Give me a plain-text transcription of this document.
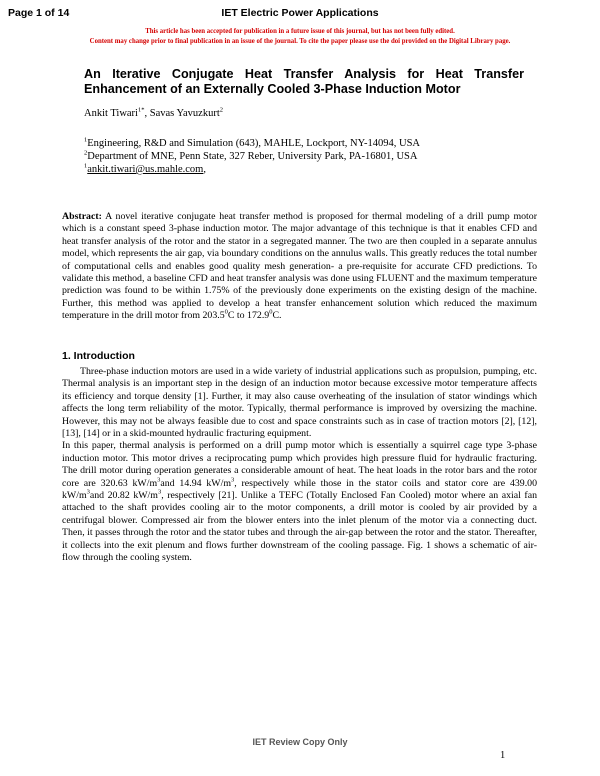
Page 1 of 14	IET Electric Power Applications
This article has been accepted for publication in a future issue of this journal, but has not been fully edited.
Content may change prior to final publication in an issue of the journal. To cite the paper please use the doi provided on the Digital Library page.
An Iterative Conjugate Heat Transfer Analysis for Heat Transfer Enhancement of an Externally Cooled 3-Phase Induction Motor
Ankit Tiwari$^{1*}$, Savas Yavuzkurt$^2$
$^1$Engineering, R&D and Simulation (643), MAHLE, Lockport, NY-14094, USA
$^2$Department of MNE, Penn State, 327 Reber, University Park, PA-16801, USA
$^1$ankit.tiwari@us.mahle.com,
Abstract: A novel iterative conjugate heat transfer method is proposed for thermal modeling of a drill pump motor which is a constant speed 3-phase induction motor. The major advantage of this technique is that it enables CFD and heat transfer analysis of the rotor and the stator in a segregated manner. The two are then coupled in a separate annulus model, which represents the air gap, via boundary conditions on the annulus walls. This greatly reduces the total number of computational cells and enables good quality mesh generation- a pre-requisite for accurate CFD predictions. To validate this method, a baseline CFD and heat transfer analysis was done using FLUENT and the maximum temperature prediction was found to be within 1.75% of the previously done experiments on the existing design of the machine. Further, this method was applied to develop a heat transfer enhancement solution which reduced the maximum temperature in the drill motor from 203.5$^0$C to 172.9$^0$C.
1. Introduction

Three-phase induction motors are used in a wide variety of industrial applications such as propulsion, pumping, etc. Thermal analysis is an important step in the design of an induction motor because excessive motor temperature affects its efficiency and torque density [1]. Further, it may also cause overheating of the insulation of stator windings which affects the long term reliability of the motor. Typically, thermal performance is improved by oversizing the machine. However, this may not be always feasible due to cost and space constraints such as in case of traction motors [2], [12], [13], [14] or in a skid-mounted hydraulic fracturing equipment.

In this paper, thermal analysis is performed on a drill pump motor which is essentially a squirrel cage type 3-phase induction motor. This motor drives a reciprocating pump which provides high pressure fluid for hydraulic fracturing. The drill motor during operation generates a considerable amount of heat. The heat loads in the rotor bars and the rotor core are 320.63 $kW/m^3and$ 14.94 $kW/m^3$, respectively while those in the stator coils and stator core are 439.00 $kW/m^3and$ 20.82 $kW/m^3$, respectively [21]. Unlike a TEFC (Totally Enclosed Fan Cooled) motor where an axial fan attached to the shaft provides cooling air to the motor components, a drill motor is cooled by air provided by a centrifugal blower. Compressed air from the blower enters into the inlet plenum of the motor via a connecting duct. Then, it passes through the rotor and the stator tubes and through the air-gap between the rotor and the stator. Thereafter, it collects into the exit plenum and flows further downstream of the cooling passage. Fig. 1 shows a schematic of air-flow through the cooling system.

IET Review Copy Only
1
